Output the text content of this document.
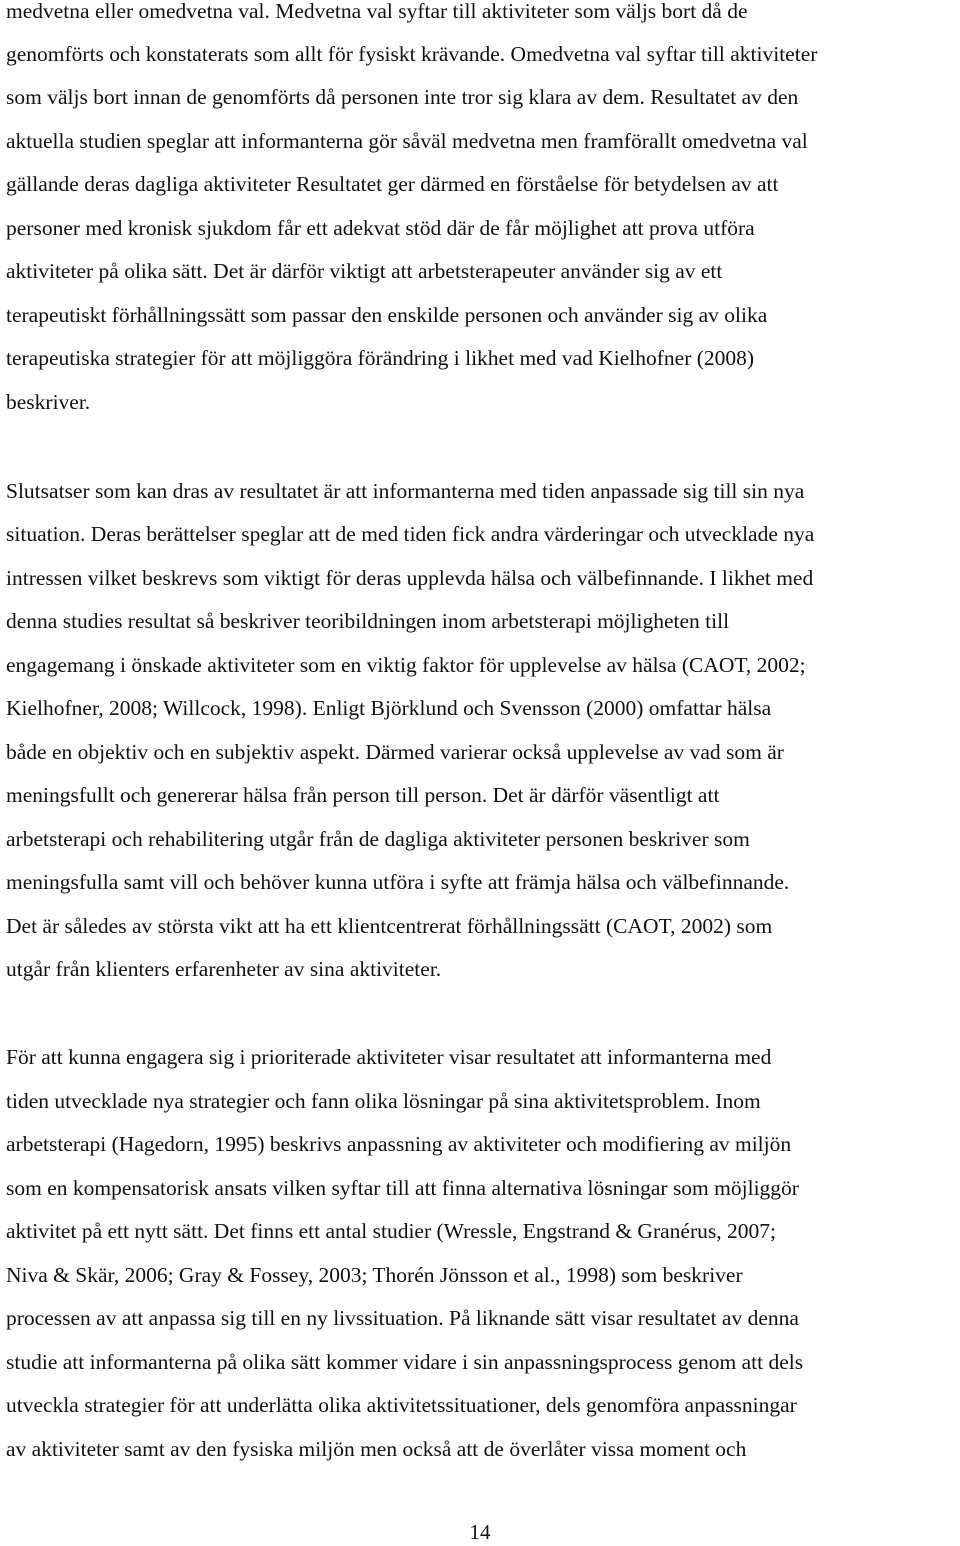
medvetna eller omedvetna val. Medvetna val syftar till aktiviteter som väljs bort då de
genomförts och konstaterats som allt för fysiskt krävande. Omedvetna val syftar till aktiviteter
som väljs bort innan de genomförts då personen inte tror sig klara av dem. Resultatet av den
aktuella studien speglar att informanterna gör såväl medvetna men framförallt omedvetna val
gällande deras dagliga aktiviteter Resultatet ger därmed en förståelse för betydelsen av att
personer med kronisk sjukdom får ett adekvat stöd där de får möjlighet att prova utföra
aktiviteter på olika sätt. Det är därför viktigt att arbetsterapeuter använder sig av ett
terapeutiskt förhållningssätt som passar den enskilde personen och använder sig av olika
terapeutiska strategier för att möjliggöra förändring i likhet med vad Kielhofner (2008)
beskriver.
Slutsatser som kan dras av resultatet är att informanterna med tiden anpassade sig till sin nya
situation. Deras berättelser speglar att de med tiden fick andra värderingar och utvecklade nya
intressen vilket beskrevs som viktigt för deras upplevda hälsa och välbefinnande. I likhet med
denna studies resultat så beskriver teoribildningen inom arbetsterapi möjligheten till
engagemang i önskade aktiviteter som en viktig faktor för upplevelse av hälsa (CAOT, 2002;
Kielhofner, 2008; Willcock, 1998). Enligt Björklund och Svensson (2000) omfattar hälsa
både en objektiv och en subjektiv aspekt. Därmed varierar också upplevelse av vad som är
meningsfullt och genererar hälsa från person till person. Det är därför väsentligt att
arbetsterapi och rehabilitering utgår från de dagliga aktiviteter personen beskriver som
meningsfulla samt vill och behöver kunna utföra i syfte att främja hälsa och välbefinnande.
Det är således av största vikt att ha ett klientcentrerat förhållningssätt (CAOT, 2002) som
utgår från klienters erfarenheter av sina aktiviteter.
För att kunna engagera sig i prioriterade aktiviteter visar resultatet att informanterna med
tiden utvecklade nya strategier och fann olika lösningar på sina aktivitetsproblem. Inom
arbetsterapi (Hagedorn, 1995) beskrivs anpassning av aktiviteter och modifiering av miljön
som en kompensatorisk ansats vilken syftar till att finna alternativa lösningar som möjliggör
aktivitet på ett nytt sätt. Det finns ett antal studier (Wressle, Engstrand & Granérus, 2007;
Niva & Skär, 2006; Gray & Fossey, 2003; Thorén Jönsson et al., 1998) som beskriver
processen av att anpassa sig till en ny livssituation. På liknande sätt visar resultatet av denna
studie att informanterna på olika sätt kommer vidare i sin anpassningsprocess genom att dels
utveckla strategier för att underlätta olika aktivitetssituationer, dels genomföra anpassningar
av aktiviteter samt av den fysiska miljön men också att de överlåter vissa moment och
14
